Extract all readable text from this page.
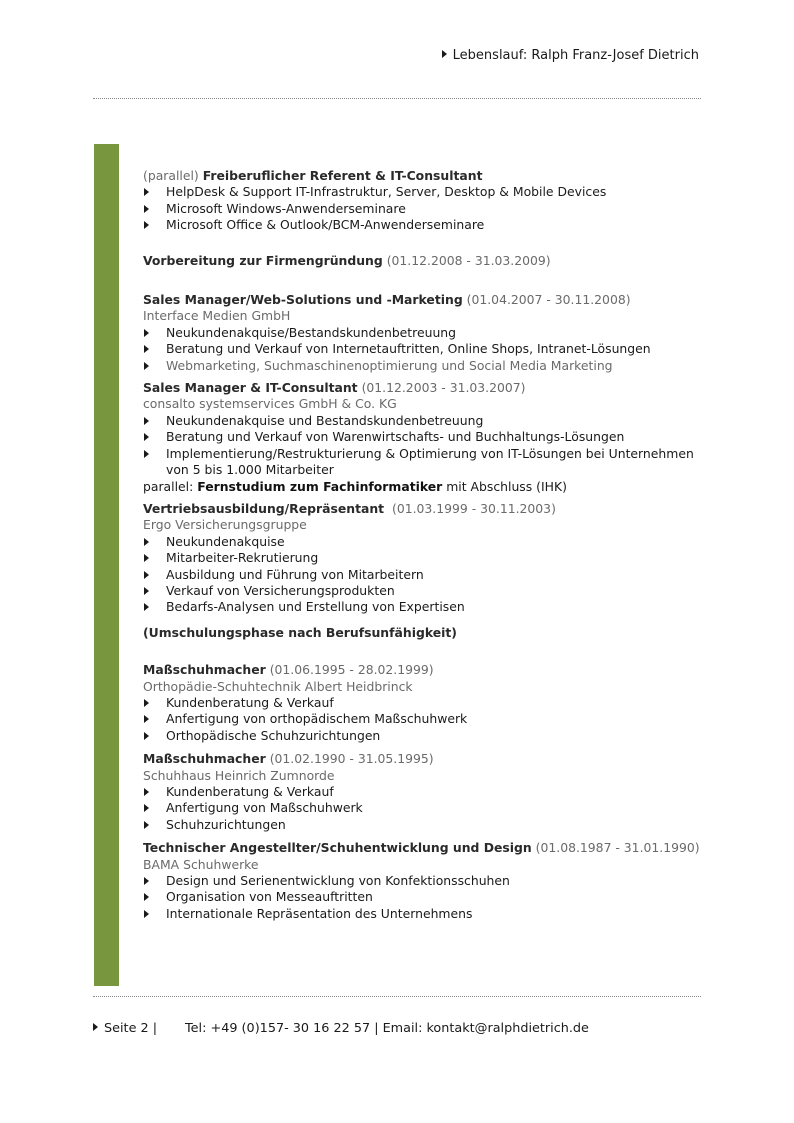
Lebenslauf: Ralph Franz-Josef Dietrich
(parallel) Freiberuflicher Referent & IT-Consultant
HelpDesk & Support IT-Infrastruktur, Server, Desktop & Mobile Devices
Microsoft Windows-Anwenderseminare
Microsoft Office & Outlook/BCM-Anwenderseminare
Vorbereitung zur Firmengründung (01.12.2008 - 31.03.2009)
Sales Manager/Web-Solutions und -Marketing (01.04.2007 - 30.11.2008)
Interface Medien GmbH
Neukundenakquise/Bestandskundenbetreuung
Beratung und Verkauf von Internetauftritten, Online Shops, Intranet-Lösungen
Webmarketing, Suchmaschinenoptimierung und Social Media Marketing
Sales Manager & IT-Consultant (01.12.2003 - 31.03.2007)
consalto systemservices GmbH & Co. KG
Neukundenakquise und Bestandskundenbetreuung
Beratung und Verkauf von Warenwirtschafts- und Buchhaltungs-Lösungen
Implementierung/Restrukturierung & Optimierung von IT-Lösungen bei Unternehmen von 5 bis 1.000 Mitarbeiter
parallel: Fernstudium zum Fachinformatiker mit Abschluss (IHK)
Vertriebsausbildung/Repräsentant (01.03.1999 - 30.11.2003)
Ergo Versicherungsgruppe
Neukundenakquise
Mitarbeiter-Rekrutierung
Ausbildung und Führung von Mitarbeitern
Verkauf von Versicherungsprodukten
Bedarfs-Analysen und Erstellung von Expertisen
(Umschulungsphase nach Berufsunfähigkeit)
Maßschuhmacher (01.06.1995 - 28.02.1999)
Orthopädie-Schuhtechnik Albert Heidbrinck
Kundenberatung & Verkauf
Anfertigung von orthopädischem Maßschuhwerk
Orthopädische Schuhzurichtungen
Maßschuhmacher (01.02.1990 - 31.05.1995)
Schuhhaus Heinrich Zumnorde
Kundenberatung & Verkauf
Anfertigung von Maßschuhwerk
Schuhzurichtungen
Technischer Angestellter/Schuhentwicklung und Design (01.08.1987 - 31.01.1990)
BAMA Schuhwerke
Design und Serienentwicklung von Konfektionsschuhen
Organisation von Messeauftritten
Internationale Repräsentation des Unternehmens
Seite 2 | Tel: +49 (0)157- 30 16 22 57 | Email: kontakt@ralphdietrich.de
